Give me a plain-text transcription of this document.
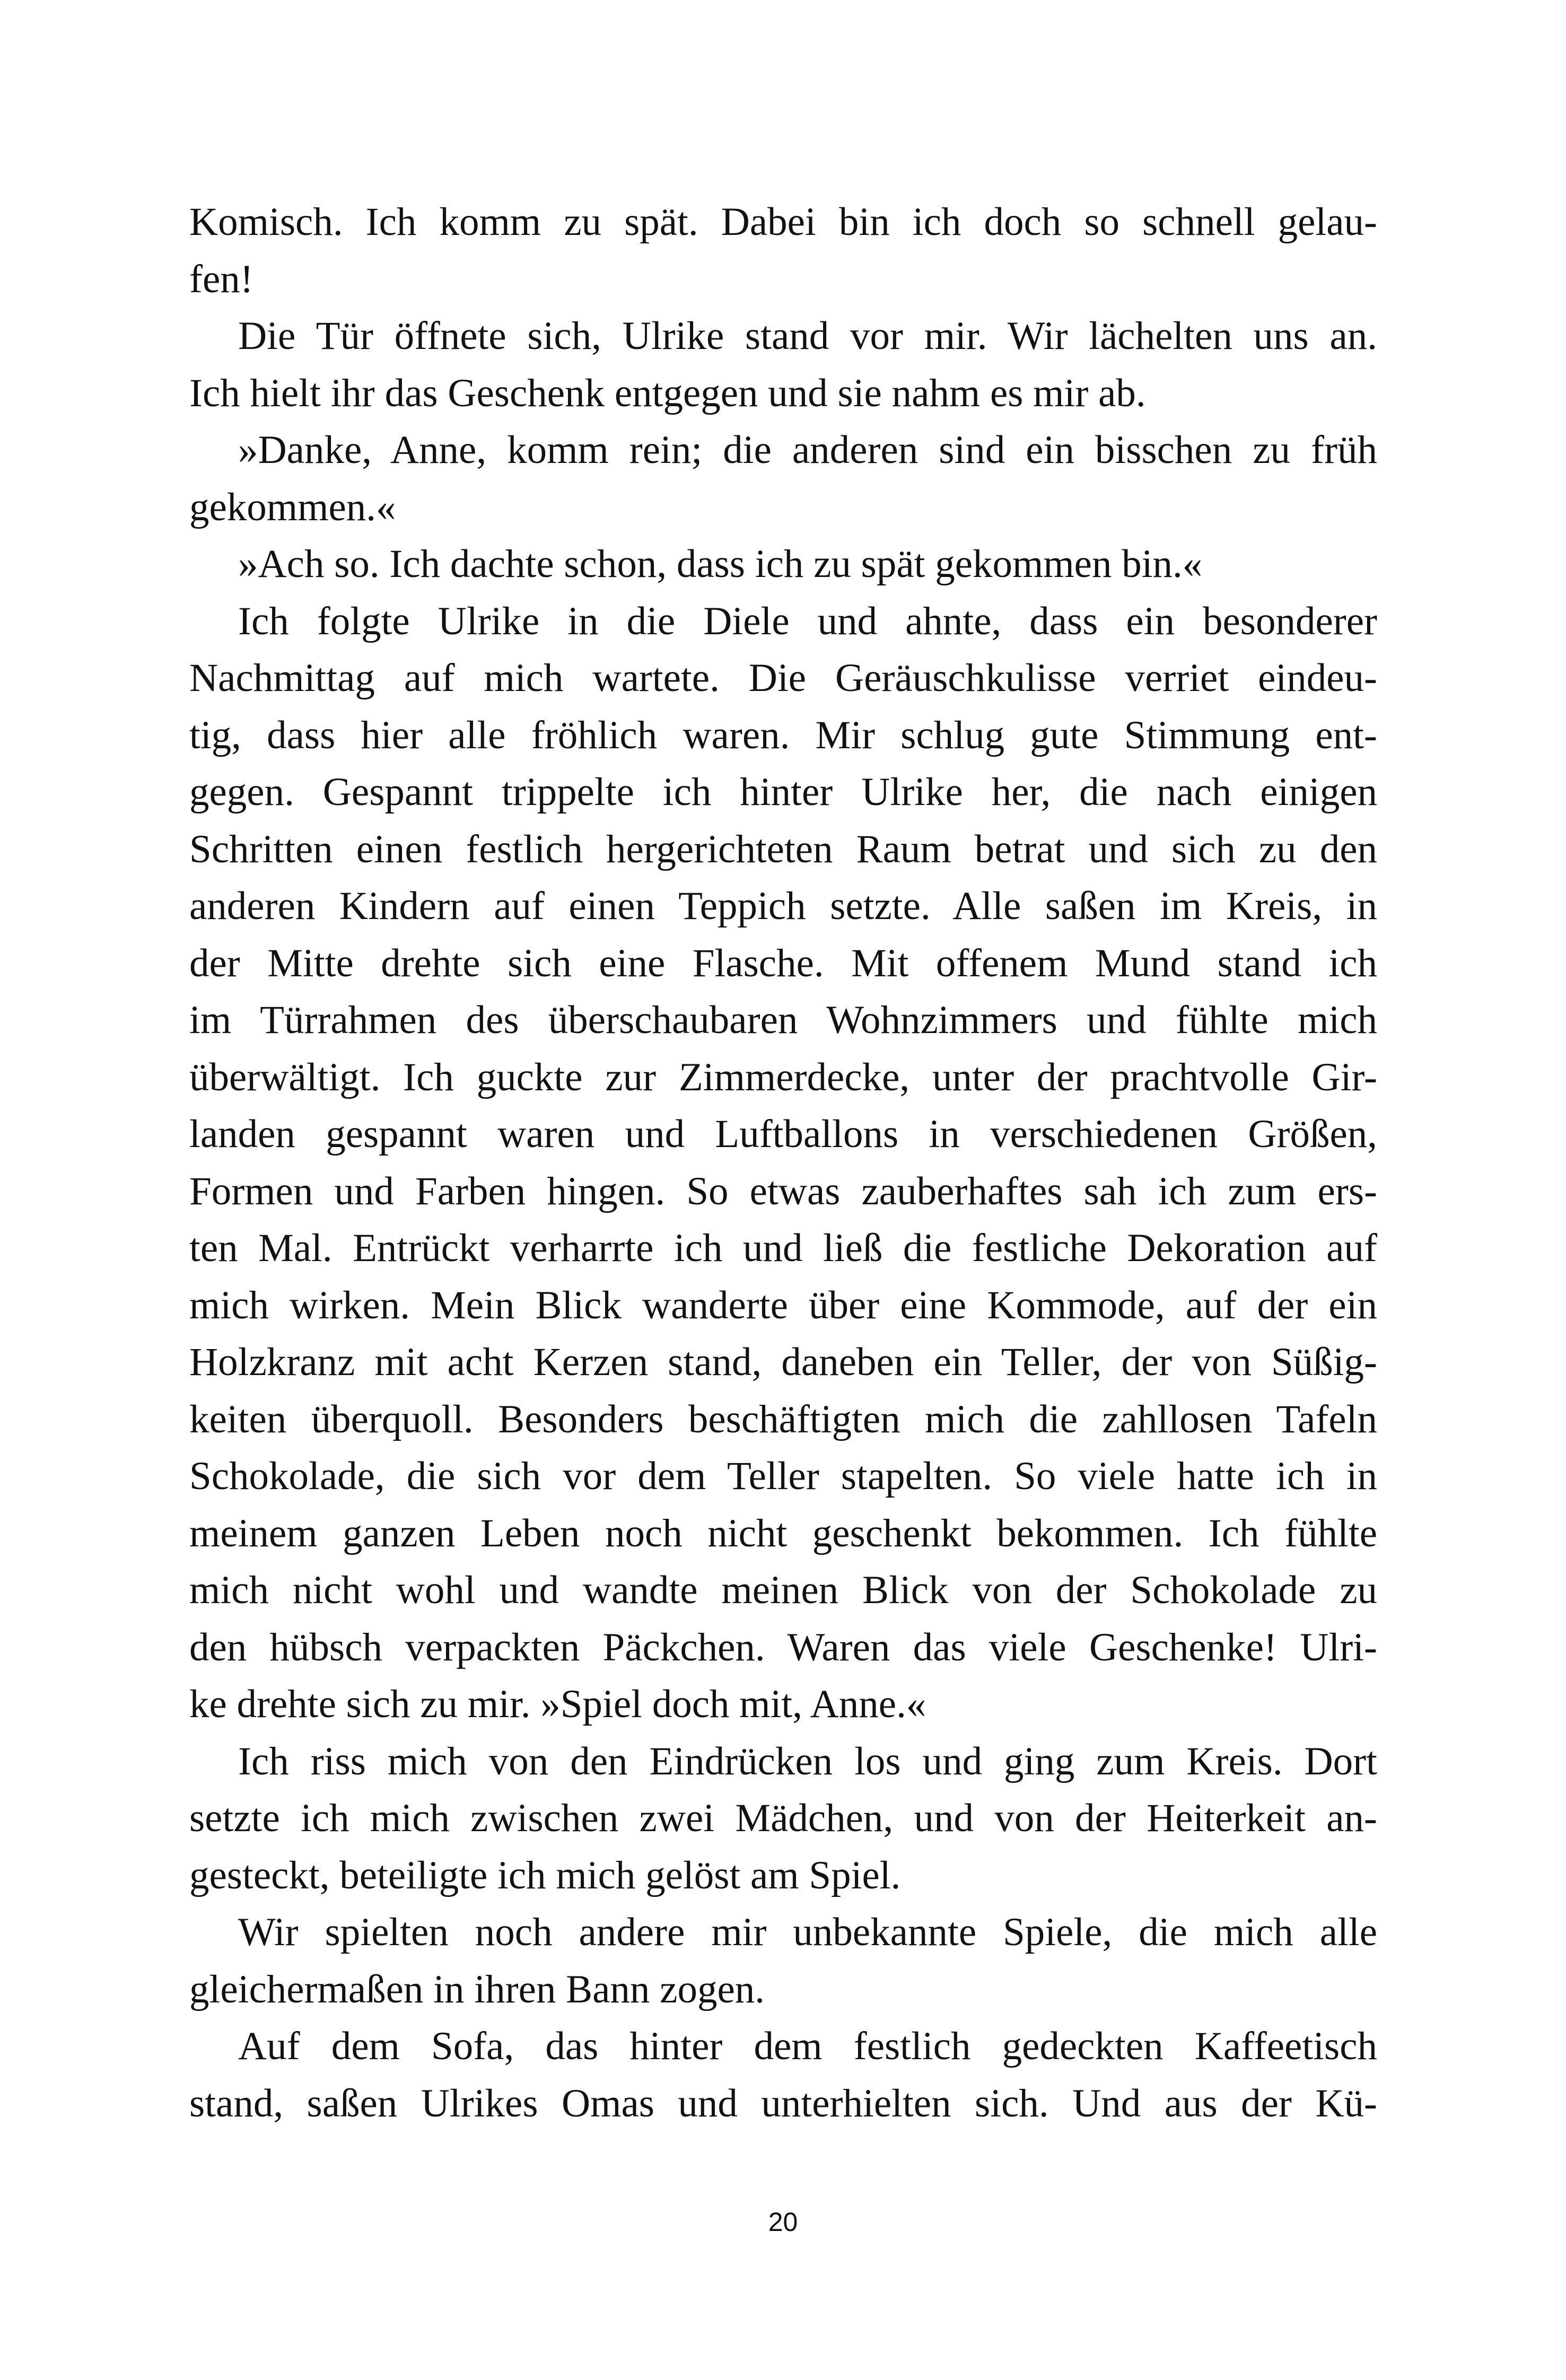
Komisch. Ich komm zu spät. Dabei bin ich doch so schnell gelau-
fen!
Die Tür öffnete sich, Ulrike stand vor mir. Wir lächelten uns an.
Ich hielt ihr das Geschenk entgegen und sie nahm es mir ab.
»Danke, Anne, komm rein; die anderen sind ein bisschen zu früh
gekommen.«
»Ach so. Ich dachte schon, dass ich zu spät gekommen bin.«
Ich folgte Ulrike in die Diele und ahnte, dass ein besonderer
Nachmittag auf mich wartete. Die Geräuschkulisse verriet eindeu-
tig, dass hier alle fröhlich waren. Mir schlug gute Stimmung ent-
gegen. Gespannt trippelte ich hinter Ulrike her, die nach einigen
Schritten einen festlich hergerichteten Raum betrat und sich zu den
anderen Kindern auf einen Teppich setzte. Alle saßen im Kreis, in
der Mitte drehte sich eine Flasche. Mit offenem Mund stand ich
im Türrahmen des überschaubaren Wohnzimmers und fühlte mich
überwältigt. Ich guckte zur Zimmerdecke, unter der prachtvolle Gir-
landen gespannt waren und Luftballons in verschiedenen Größen,
Formen und Farben hingen. So etwas zauberhaftes sah ich zum ers-
ten Mal. Entrückt verharrte ich und ließ die festliche Dekoration auf
mich wirken. Mein Blick wanderte über eine Kommode, auf der ein
Holzkranz mit acht Kerzen stand, daneben ein Teller, der von Süßig-
keiten überquoll. Besonders beschäftigten mich die zahllosen Tafeln
Schokolade, die sich vor dem Teller stapelten. So viele hatte ich in
meinem ganzen Leben noch nicht geschenkt bekommen. Ich fühlte
mich nicht wohl und wandte meinen Blick von der Schokolade zu
den hübsch verpackten Päckchen. Waren das viele Geschenke! Ulri-
ke drehte sich zu mir. »Spiel doch mit, Anne.«
Ich riss mich von den Eindrücken los und ging zum Kreis. Dort
setzte ich mich zwischen zwei Mädchen, und von der Heiterkeit an-
gesteckt, beteiligte ich mich gelöst am Spiel.
Wir spielten noch andere mir unbekannte Spiele, die mich alle
gleichermaßen in ihren Bann zogen.
Auf dem Sofa, das hinter dem festlich gedeckten Kaffeetisch
stand, saßen Ulrikes Omas und unterhielten sich. Und aus der Kü-
20
